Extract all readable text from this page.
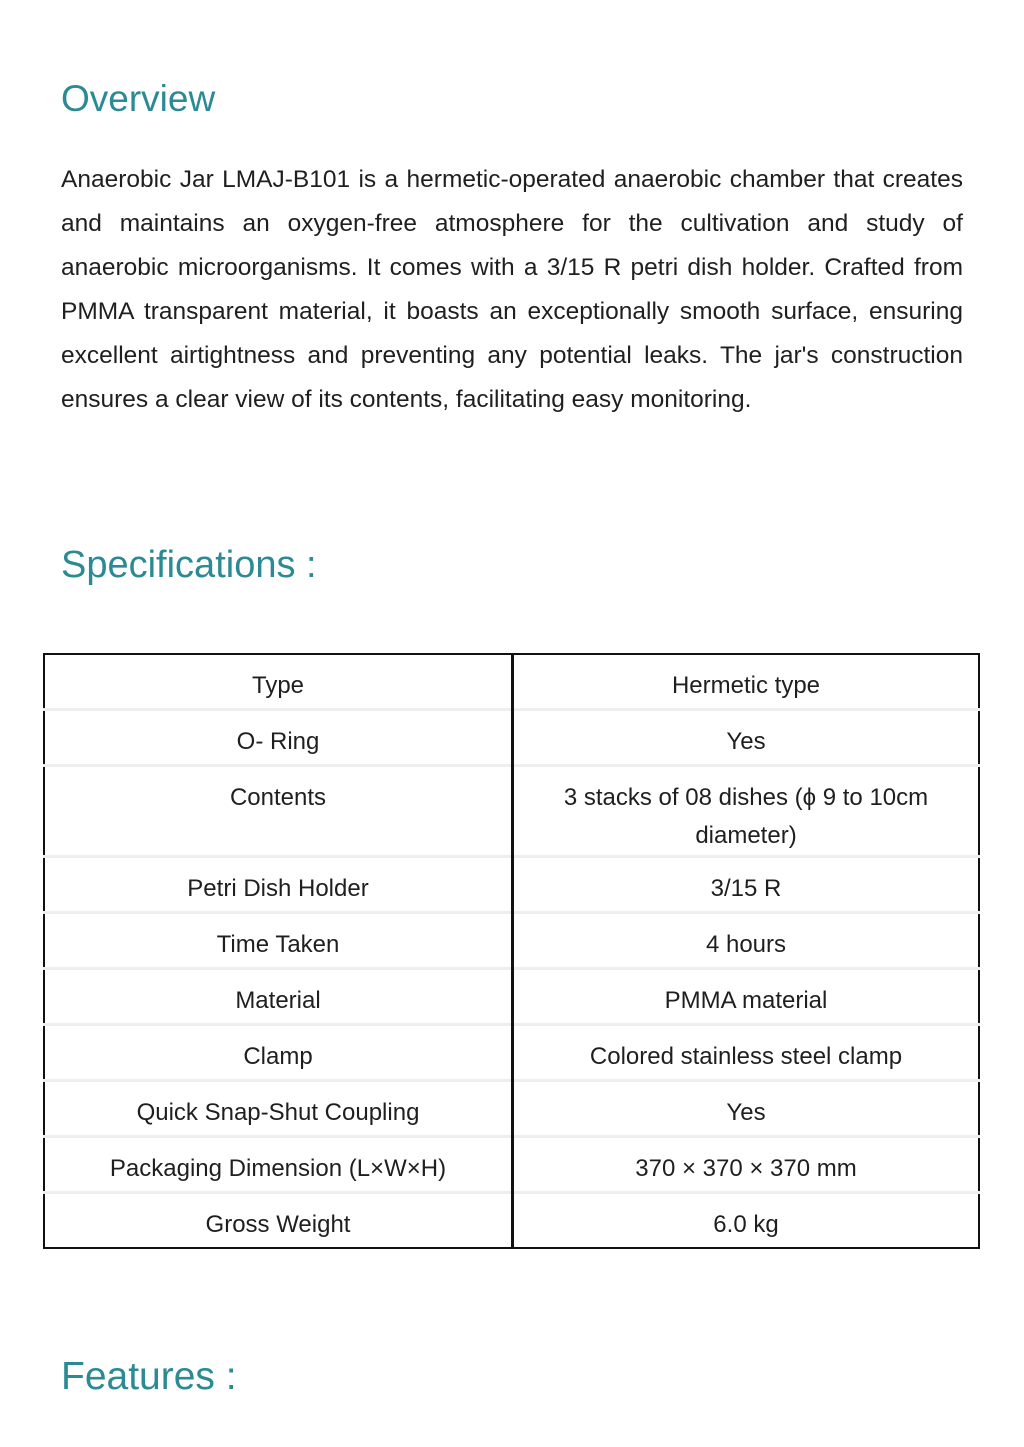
Overview

Anaerobic Jar LMAJ-B101 is a hermetic-operated anaerobic chamber that creates and maintains an oxygen-free atmosphere for the cultivation and study of anaerobic microorganisms. It comes with a 3/15 R petri dish holder. Crafted from PMMA transparent material, it boasts an exceptionally smooth surface, ensuring excellent airtightness and preventing any potential leaks. The jar's construction ensures a clear view of its contents, facilitating easy monitoring.

Specifications :
Type	Hermetic type
O- Ring	Yes
Contents	3 stacks of 08 dishes (ϕ 9 to 10cm diameter)
Petri Dish Holder	3/15 R
Time Taken	4 hours
Material	PMMA material
Clamp	Colored stainless steel clamp
Quick Snap-Shut Coupling	Yes
Packaging Dimension (L×W×H)	370 × 370 × 370 mm
Gross Weight	6.0 kg
Features :
